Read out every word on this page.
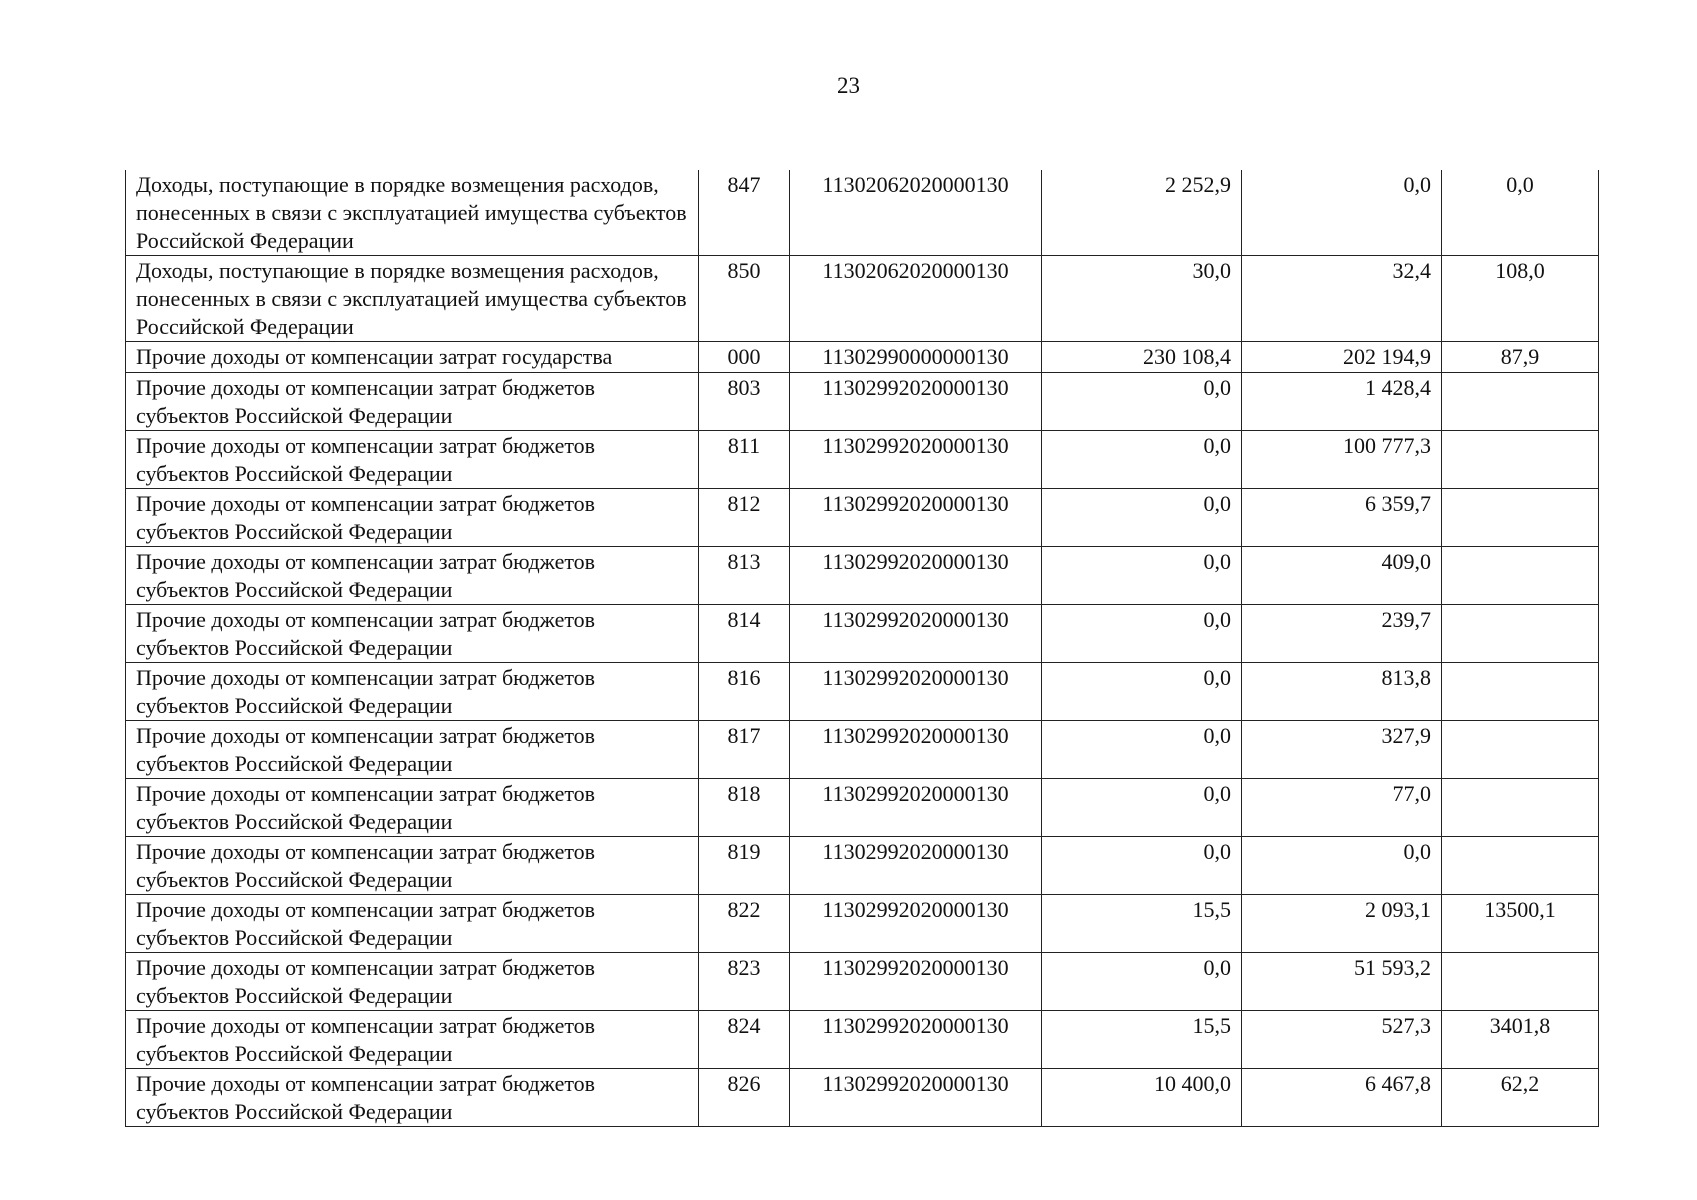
23
Доходы, поступающие в порядке возмещения расходов, понесенных в связи с эксплуатацией имущества субъектов Российской Федерации	847	11302062020000130	2 252,9	0,0	0,0
Доходы, поступающие в порядке возмещения расходов, понесенных в связи с эксплуатацией имущества субъектов Российской Федерации	850	11302062020000130	30,0	32,4	108,0
Прочие доходы от компенсации затрат государства	000	11302990000000130	230 108,4	202 194,9	87,9
Прочие доходы от компенсации затрат бюджетов субъектов Российской Федерации	803	11302992020000130	0,0	1 428,4	
Прочие доходы от компенсации затрат бюджетов субъектов Российской Федерации	811	11302992020000130	0,0	100 777,3	
Прочие доходы от компенсации затрат бюджетов субъектов Российской Федерации	812	11302992020000130	0,0	6 359,7	
Прочие доходы от компенсации затрат бюджетов субъектов Российской Федерации	813	11302992020000130	0,0	409,0	
Прочие доходы от компенсации затрат бюджетов субъектов Российской Федерации	814	11302992020000130	0,0	239,7	
Прочие доходы от компенсации затрат бюджетов субъектов Российской Федерации	816	11302992020000130	0,0	813,8	
Прочие доходы от компенсации затрат бюджетов субъектов Российской Федерации	817	11302992020000130	0,0	327,9	
Прочие доходы от компенсации затрат бюджетов субъектов Российской Федерации	818	11302992020000130	0,0	77,0	
Прочие доходы от компенсации затрат бюджетов субъектов Российской Федерации	819	11302992020000130	0,0	0,0	
Прочие доходы от компенсации затрат бюджетов субъектов Российской Федерации	822	11302992020000130	15,5	2 093,1	13500,1
Прочие доходы от компенсации затрат бюджетов субъектов Российской Федерации	823	11302992020000130	0,0	51 593,2	
Прочие доходы от компенсации затрат бюджетов субъектов Российской Федерации	824	11302992020000130	15,5	527,3	3401,8
Прочие доходы от компенсации затрат бюджетов субъектов Российской Федерации	826	11302992020000130	10 400,0	6 467,8	62,2
